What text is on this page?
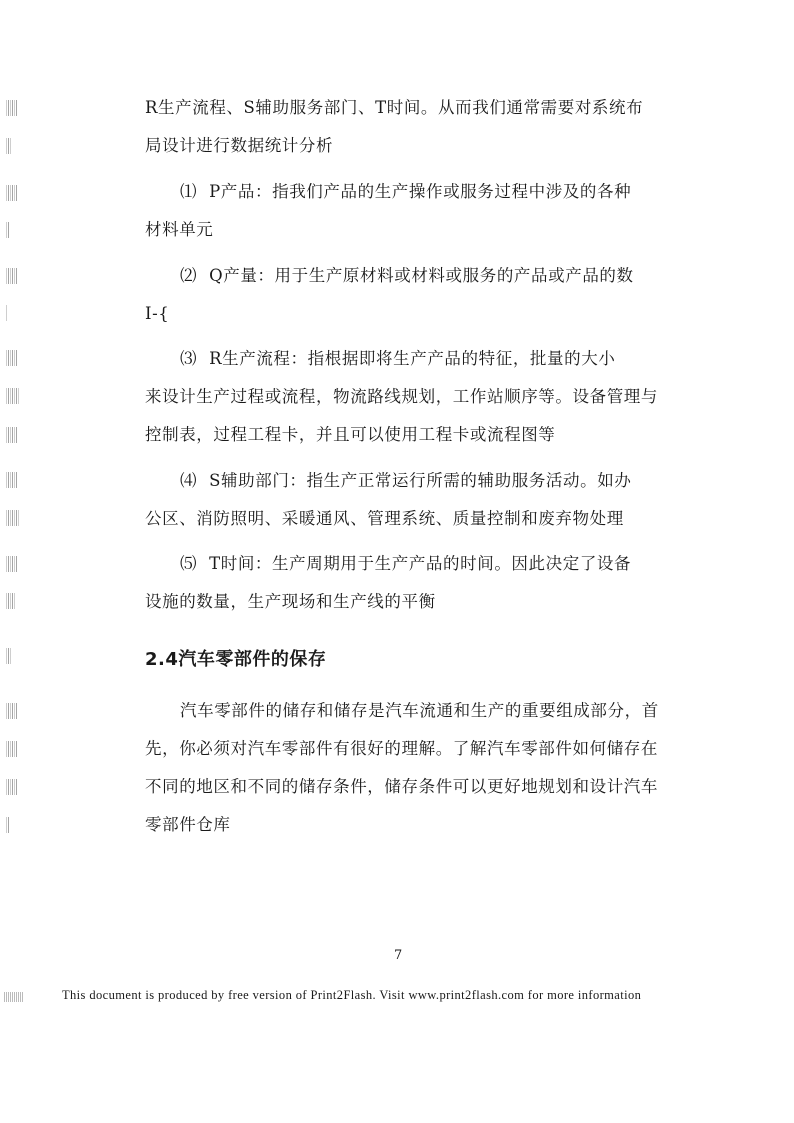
R生产流程、S辅助服务部门、T时间。从而我们通常需要对系统布
局设计进行数据统计分析
⑴ P产品：指我们产品的生产操作或服务过程中涉及的各种
材料单元
⑵ Q产量：用于生产原材料或材料或服务的产品或产品的数
I-{
⑶ R生产流程：指根据即将生产产品的特征，批量的大小
来设计生产过程或流程，物流路线规划，工作站顺序等。设备管理与
控制表，过程工程卡，并且可以使用工程卡或流程图等
⑷ S辅助部门：指生产正常运行所需的辅助服务活动。如办
公区、消防照明、采暖通风、管理系统、质量控制和废弃物处理
⑸ T时间：生产周期用于生产产品的时间。因此决定了设备
设施的数量，生产现场和生产线的平衡
2.4汽车零部件的保存
汽车零部件的储存和储存是汽车流通和生产的重要组成部分，首
先，你必须对汽车零部件有很好的理解。了解汽车零部件如何储存在
不同的地区和不同的储存条件，储存条件可以更好地规划和设计汽车
零部件仓库
7
This document is produced by free version of Print2Flash. Visit www.print2flash.com for more information
